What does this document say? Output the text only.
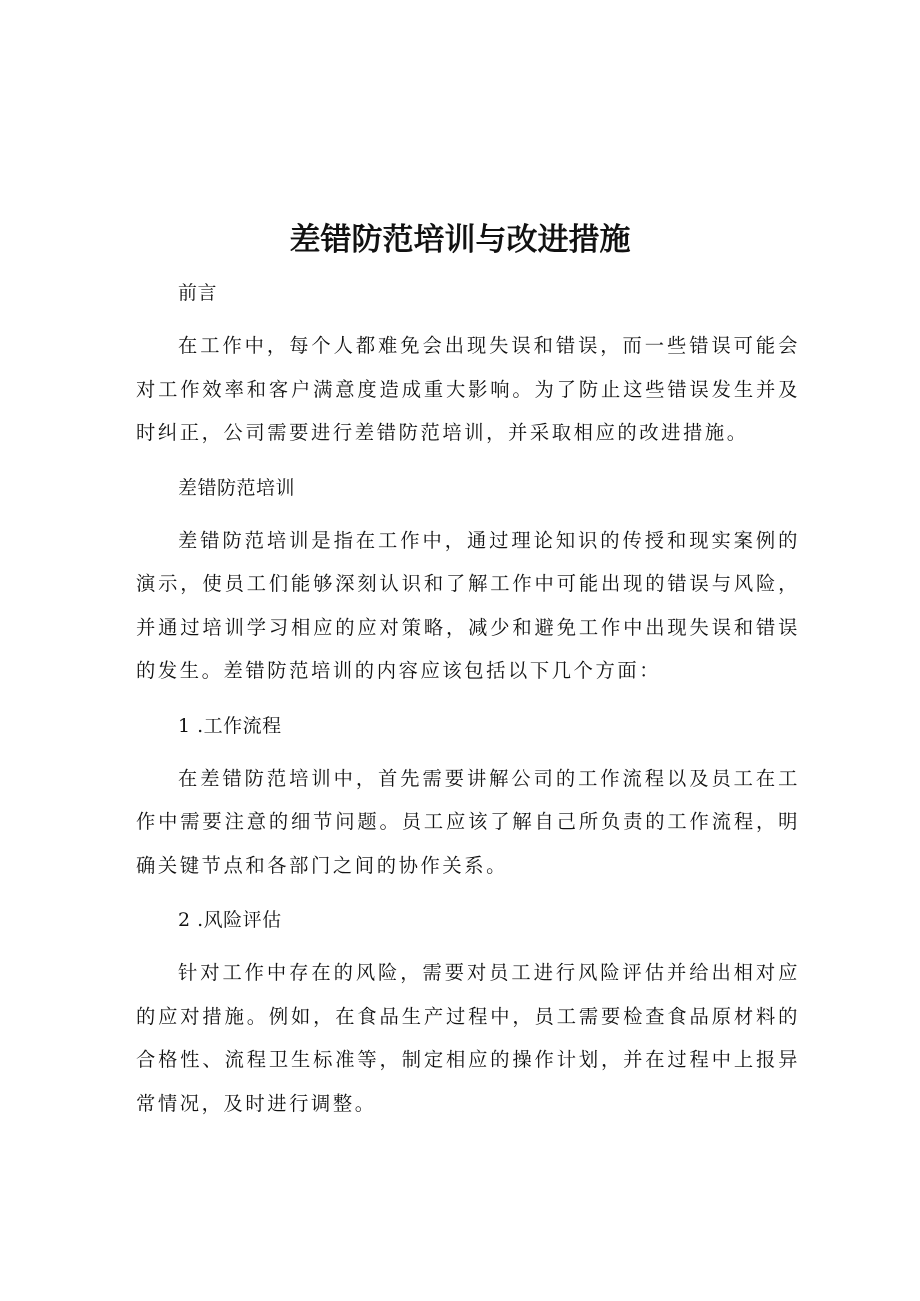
差错防范培训与改进措施

前言

在工作中，每个人都难免会出现失误和错误，而一些错误可能会对工作效率和客户满意度造成重大影响。为了防止这些错误发生并及时纠正，公司需要进行差错防范培训，并采取相应的改进措施。

差错防范培训

差错防范培训是指在工作中，通过理论知识的传授和现实案例的演示，使员工们能够深刻认识和了解工作中可能出现的错误与风险，并通过培训学习相应的应对策略，减少和避免工作中出现失误和错误的发生。差错防范培训的内容应该包括以下几个方面：

1 .工作流程

在差错防范培训中，首先需要讲解公司的工作流程以及员工在工作中需要注意的细节问题。员工应该了解自己所负责的工作流程，明确关键节点和各部门之间的协作关系。

2 .风险评估

针对工作中存在的风险，需要对员工进行风险评估并给出相对应的应对措施。例如，在食品生产过程中，员工需要检查食品原材料的合格性、流程卫生标准等，制定相应的操作计划，并在过程中上报异常情况，及时进行调整。
